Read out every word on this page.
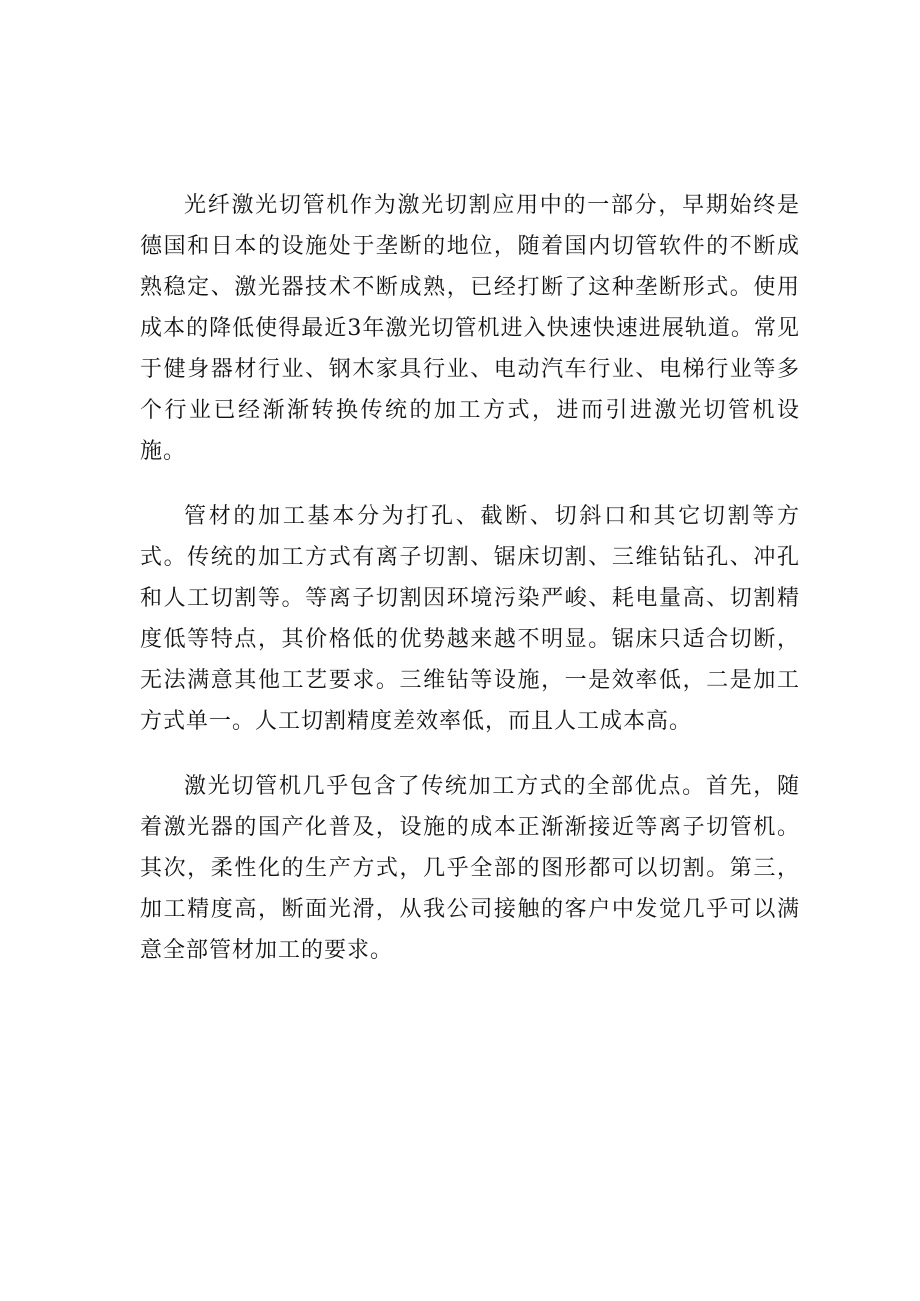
光纤激光切管机作为激光切割应用中的一部分，早期始终是德国和日本的设施处于垄断的地位，随着国内切管软件的不断成熟稳定、激光器技术不断成熟，已经打断了这种垄断形式。使用成本的降低使得最近3年激光切管机进入快速快速进展轨道。常见于健身器材行业、钢木家具行业、电动汽车行业、电梯行业等多个行业已经渐渐转换传统的加工方式，进而引进激光切管机设施。

管材的加工基本分为打孔、截断、切斜口和其它切割等方式。传统的加工方式有离子切割、锯床切割、三维钻钻孔、冲孔和人工切割等。等离子切割因环境污染严峻、耗电量高、切割精度低等特点，其价格低的优势越来越不明显。锯床只适合切断，无法满意其他工艺要求。三维钻等设施，一是效率低，二是加工方式单一。人工切割精度差效率低，而且人工成本高。

激光切管机几乎包含了传统加工方式的全部优点。首先，随着激光器的国产化普及，设施的成本正渐渐接近等离子切管机。其次，柔性化的生产方式，几乎全部的图形都可以切割。第三，加工精度高，断面光滑，从我公司接触的客户中发觉几乎可以满意全部管材加工的要求。
